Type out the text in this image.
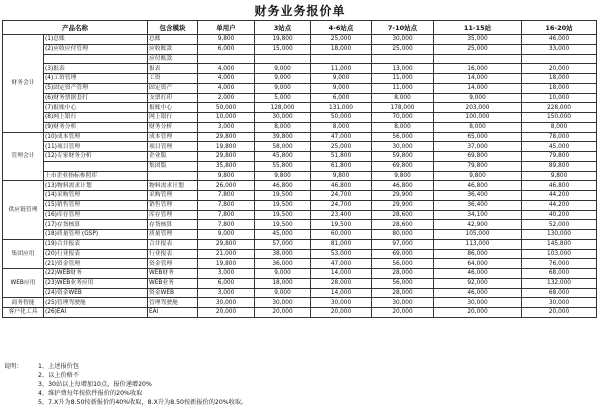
财务业务报价单
产品名称		包含模块	单用户	3站点	4-6站点	7-10站点	11-15站	16-20站	
财务会计	(1)总账	总账	9,800	19,800	25,000	30,000	35,000	46,000	
	(2)应收应付管理	应收账款	6,000	15,000	18,000	25,000	25,000	33,000	
		应付账款							
	(3)报表	报表	4,000	9,000	11,000	13,000	16,000	20,000	
	(4)工资管理	工资	4,000	9,000	9,000	11,000	14,000	18,000	
	(5)固定资产管理	固定资产	4,000	9,000	9,000	11,000	14,000	18,000	
	(6)财务票据套打	支票打印	2,000	5,000	6,000	8,000	9,000	10,000	
	(7)报账中心	报账中心	50,000	128,000	131,000	178,000	203,000	228,000	
	(8)网上银行	网上银行	10,000	30,000	50,000	70,000	100,000	150,000	
	(9)财务分析	财务分析	3,000	8,000	8,000	8,000	8,000	8,000	
管理会计	(10)成本管理	成本管理	29,800	39,800	47,000	56,000	65,000	78,000	
	(11)项目管理	项目管理	19,800	58,000	25,000	30,000	37,000	45,000	
	(12)专家财务分析	企业版	29,800	45,800	51,800	59,800	69,800	79,800	
		集团版	35,800	55,800	61,800	69,800	79,800	89,800	
	上市企业指标参照库		9,800	9,800	9,800	9,800	9,800	9,800	
供应链管理	(13)物料需求计划	物料需求计划	26,000	46,800	46,800	46,800	46,800	46,800	
	(14)采购管理	采购管理	7,800	19,500	24,700	29,900	36,400	44,200	
	(15)销售管理	销售管理	7,800	19,500	24,700	29,900	36,400	44,200	
	(16)库存管理	库存管理	7,800	19,500	23,400	28,600	34,100	40,200	
	(17)存货核算	存货核算	7,800	19,500	19,500	28,600	42,900	52,000	
	(18)质量管理 (GSP)	质量管理	9,000	45,000	60,000	80,000	105,000	130,000	
集团应用	(19)合并报表	合并报表	29,800	57,000	81,000	97,000	113,000	145,800	
	(20)行业报表	行业报表	21,000	38,000	53,000	69,000	86,000	103,000	
	(21)资金管理	资金管理	19,800	36,000	47,000	56,000	64,000	76,000	
WEB应用	(22)WEB财务	WEB财务	3,000	9,000	14,000	28,000	46,000	68,000	
	(23)WEB业务应用	WEB业务	6,000	18,000	28,000	56,000	92,000	132,000	
	(24)资金WEB	资金WEB	3,000	9,000	14,000	28,000	46,000	68,000	
商务智能	(25)管理驾驶舱	管理驾驶舱	30,000	30,000	30,000	30,000	30,000	30,000	
客户化工具	(26)EAI	EAI	20,000	20,000	20,000	20,000	20,000	20,000	
说明： 1、上述报价包
2、以上价格不
3、30站以上每增加10点，报价递增20%
4、维护费每年按软件报价的20%收取
5、7.X升为8.50按新报价的40%收取，8.X升为8.50按新报价的20%收取。
